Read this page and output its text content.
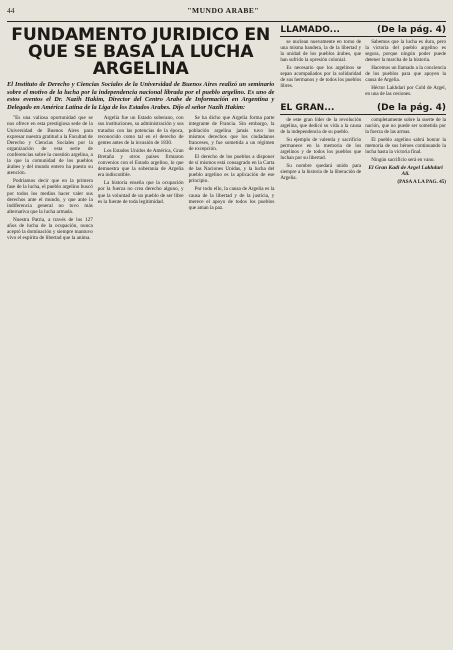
44	"MUNDO ARABE"
FUNDAMENTO JURIDICO EN QUE SE BASA LA LUCHA ARGELINA

El Instituto de Derecho y Ciencias Sociales de la Universidad de Buenos Aires realizó un seminario sobre el motivo de la lucha por la independencia nacional librada por el pueblo argelino. Es uno de estos eventos el Dr. Nazih Hakim, Director del Centro Arabe de Información en Argentina y Delegado en América Latina de la Liga de los Estados Arabes. Dijo el señor Nazih Hakim:

"Es una valiosa oportunidad que se nos ofrece en esta prestigiosa sede de la Universidad de Buenos Aires para expresar nuestra gratitud a la Facultad de Derecho y Ciencias Sociales por la organización de esta serie de conferencias sobre la cuestión argelina, a la que la comunidad de los pueblos árabes y del mundo entero ha puesto su atención.

Podríamos decir que en la primera fase de la lucha, el pueblo argelino buscó por todos los medios hacer valer sus derechos ante el mundo, y que ante la indiferencia general no tuvo más alternativa que la lucha armada.

Nuestra Patria, a través de los 127 años de lucha de la ocupación, nunca aceptó la dominación y siempre mantuvo vivo el espíritu de libertad que la anima.

Argelia fue un Estado soberano, con sus instituciones, su administración y sus tratados con las potencias de la época, reconocido como tal en el derecho de gentes antes de la invasión de 1830.

Los Estados Unidos de América, Gran Bretaña y otros países firmaron convenios con el Estado argelino, lo que demuestra que la soberanía de Argelia era indiscutible.

La historia enseña que la ocupación por la fuerza no crea derecho alguno, y que la voluntad de un pueblo de ser libre es la fuente de toda legitimidad.

Se ha dicho que Argelia forma parte integrante de Francia. Sin embargo, la población argelina jamás tuvo los mismos derechos que los ciudadanos franceses, y fue sometida a un régimen de excepción.

El derecho de los pueblos a disponer de sí mismos está consagrado en la Carta de las Naciones Unidas, y la lucha del pueblo argelino es la aplicación de ese principio.

Por todo ello, la causa de Argelia es la causa de la libertad y de la justicia, y merece el apoyo de todos los pueblos que aman la paz.

LLAMADO...	(De la pág. 4)

se nuclean nuevamente en torno de una misma bandera, la de la libertad y la unidad de los pueblos árabes, que han sufrido la opresión colonial.

Es necesario que los argelinos se sepan acompañados por la solidaridad de sus hermanos y de todos los pueblos libres.

Sabemos que la lucha es dura, pero la victoria del pueblo argelino es segura, porque ningún poder puede detener la marcha de la historia.

Hacemos un llamado a la conciencia de los pueblos para que apoyen la causa de Argelia.

Héctor Lakhdari por Cold de Argel, en una de las cesiones.

EL GRAN...	(De la pág. 4)

de este gran líder de la revolución argelina, que dedicó su vida a la causa de la independencia de su pueblo.

Su ejemplo de valentía y sacrificio permanece en la memoria de los argelinos y de todos los pueblos que luchan por su libertad.

Su nombre quedará unido para siempre a la historia de la liberación de Argelia.

completamente sobre la suerte de la nación, que no puede ser sometida por la fuerza de las armas.

El pueblo argelino sabrá honrar la memoria de sus héroes continuando la lucha hasta la victoria final.

Ningún sacrificio será en vano.

El Gran Kadi de Argel Lakhdari Ali.
(PASA A LA PAG. 45)
